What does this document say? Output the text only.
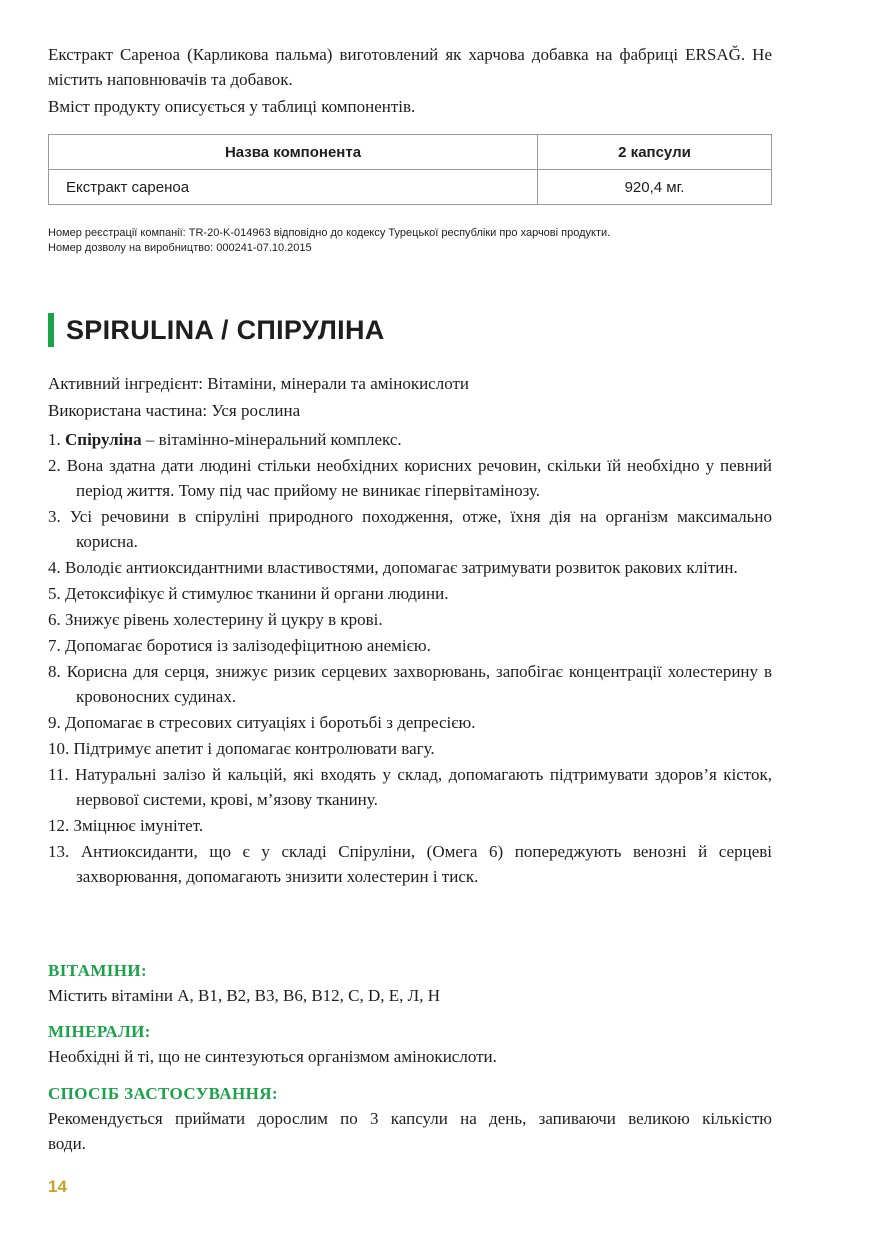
Екстракт Сареноа (Карликова пальма) виготовлений як харчова добавка на фабриці ERSAĞ. Не містить наповнювачів та добавок.

Вміст продукту описується у таблиці компонентів.

Назва компонента	2 капсули
Екстракт сареноа	920,4 мг.

Номер реєстрації компанії: TR-20-K-014963 відповідно до кодексу Турецької республіки про харчові продукти.

Номер дозволу на виробництво: 000241-07.10.2015

SPIRULINA / СПІРУЛІНА

Активний інгредієнт: Вітаміни, мінерали та амінокислоти

Використана частина: Уся рослина

1. Спіруліна – вітамінно-мінеральний комплекс.
2. Вона здатна дати людині стільки необхідних корисних речовин, скільки їй необхідно у певний період життя. Тому під час прийому не виникає гіпервітамінозу.
3. Усі речовини в спіруліні природного походження, отже, їхня дія на організм максимально корисна.
4. Володіє антиоксидантними властивостями, допомагає затримувати розвиток ракових клітин.
5. Детоксифікує й стимулює тканини й органи людини.
6. Знижує рівень холестерину й цукру в крові.
7. Допомагає боротися із залізодефіцитною анемією.
8. Корисна для серця, знижує ризик серцевих захворювань, запобігає концентрації холестерину в кровоносних судинах.
9. Допомагає в стресових ситуаціях і боротьбі з депресією.
10. Підтримує апетит і допомагає контролювати вагу.
11. Натуральні залізо й кальцій, які входять у склад, допомагають підтримувати здоров’я кісток, нервової системи, крові, м’язову тканину.
12. Зміцнює імунітет.
13. Антиоксиданти, що є у складі Спіруліни, (Омега 6) попереджують венозні й серцеві захворювання, допомагають знизити холестерин і тиск.
ВІТАМІНИ:

Містить вітаміни А, В1, В2, В3, В6, В12, С, D, E, Л, Н

МІНЕРАЛИ:

Необхідні й ті, що не синтезуються організмом амінокислоти.

СПОСІБ ЗАСТОСУВАННЯ:

Рекомендується приймати дорослим по 3 капсули на день, запиваючи великою кількістю води.

14
